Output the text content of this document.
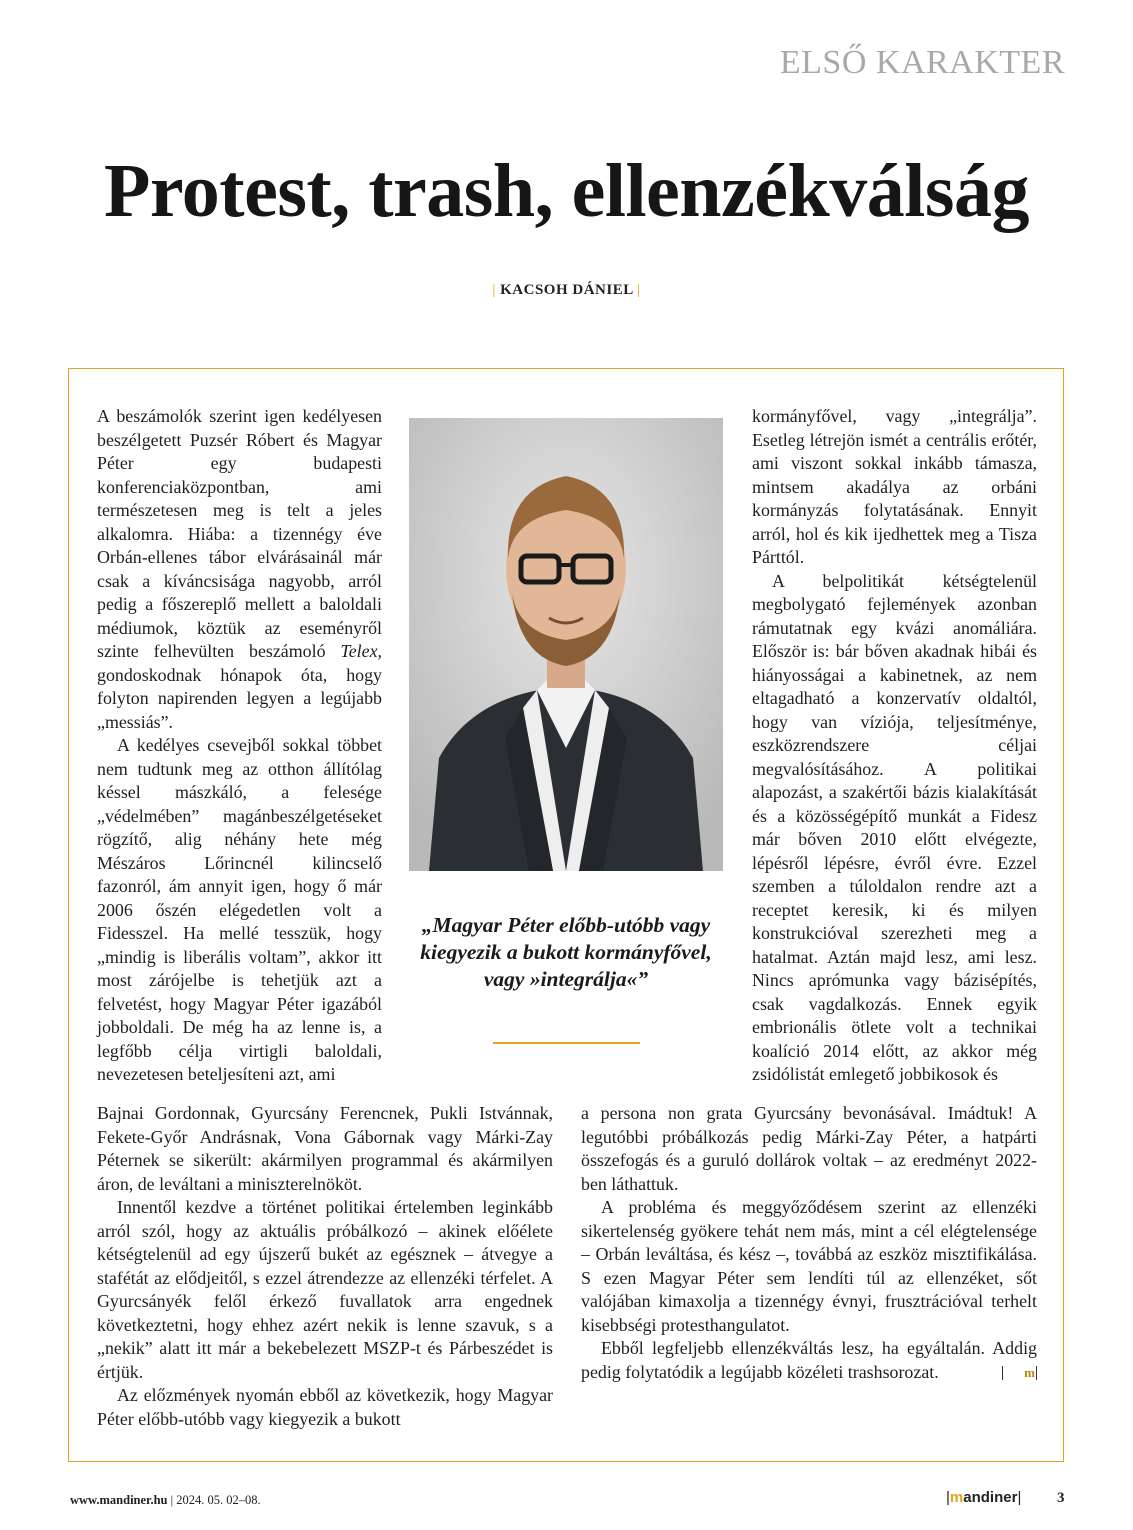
ELSŐ KARAKTER
Protest, trash, ellenzékválság
| KACSOH DÁNIEL |

A beszámolók szerint igen kedélyesen beszélgetett Puzsér Róbert és Magyar Péter egy budapesti konferenciaközpontban, ami természetesen meg is telt a jeles alkalomra. Hiába: a tizennégy éve Orbán-ellenes tábor elvárásainál már csak a kíváncsisága nagyobb, arról pedig a főszereplő mellett a baloldali médiumok, köztük az eseményről szinte felhevülten beszámoló Telex, gondoskodnak hónapok óta, hogy folyton napirenden legyen a legújabb „messiás”.

A kedélyes csevejből sokkal többet nem tudtunk meg az otthon állítólag késsel mászkáló, a felesége „védelmében” magánbeszélgetéseket rögzítő, alig néhány hete még Mészáros Lőrincnél kilincselő fazonról, ám annyit igen, hogy ő már 2006 őszén elégedetlen volt a Fidesszel. Ha mellé tesszük, hogy „mindig is liberális voltam”, akkor itt most zárójelbe is tehetjük azt a felvetést, hogy Magyar Péter igazából jobboldali. De még ha az lenne is, a legfőbb célja virtigli baloldali, nevezetesen beteljesíteni azt, ami

„Magyar Péter előbb-utóbb vagy kiegyezik a bukott kormányfővel, vagy »integrálja«”

kormányfővel, vagy „integrálja”. Esetleg létrejön ismét a centrális erőtér, ami viszont sokkal inkább támasza, mintsem akadálya az orbáni kormányzás folytatásának. Ennyit arról, hol és kik ijedhettek meg a Tisza Párttól.

A belpolitikát kétségtelenül megbolygató fejlemények azonban rámutatnak egy kvázi anomáliára. Először is: bár bőven akadnak hibái és hiányosságai a kabinetnek, az nem eltagadható a konzervatív oldaltól, hogy van víziója, teljesítménye, eszközrendszere céljai megvalósításához. A politikai alapozást, a szakértői bázis kialakítását és a közösségépítő munkát a Fidesz már bőven 2010 előtt elvégezte, lépésről lépésre, évről évre. Ezzel szemben a túloldalon rendre azt a receptet keresik, ki és milyen konstrukcióval szerezheti meg a hatalmat. Aztán majd lesz, ami lesz. Nincs aprómunka vagy bázisépítés, csak vagdalkozás. Ennek egyik embrionális ötlete volt a technikai koalíció 2014 előtt, az akkor még zsidólistát emlegető jobbikosok és

Bajnai Gordonnak, Gyurcsány Ferencnek, Pukli Istvánnak, Fekete-Győr Andrásnak, Vona Gábornak vagy Márki-Zay Péternek se sikerült: akármilyen programmal és akármilyen áron, de leváltani a miniszterelnököt.

Innentől kezdve a történet politikai értelemben leginkább arról szól, hogy az aktuális próbálkozó – akinek előélete kétségtelenül ad egy újszerű bukét az egésznek – átvegye a stafétát az elődjeitől, s ezzel átrendezze az ellenzéki térfelet. A Gyurcsányék felől érkező fuvallatok arra engednek következtetni, hogy ehhez azért nekik is lenne szavuk, s a „nekik” alatt itt már a bekebelezett MSZP-t és Párbeszédet is értjük.

Az előzmények nyomán ebből az következik, hogy Magyar Péter előbb-utóbb vagy kiegyezik a bukott

a persona non grata Gyurcsány bevonásával. Imádtuk! A legutóbbi próbálkozás pedig Márki-Zay Péter, a hatpárti összefogás és a guruló dollárok voltak – az eredményt 2022-ben láthattuk.

A probléma és meggyőződésem szerint az ellenzéki sikertelenség gyökere tehát nem más, mint a cél elégtelensége – Orbán leváltása, és kész –, továbbá az eszköz misztifikálása. S ezen Magyar Péter sem lendíti túl az ellenzéket, sőt valójában kimaxolja a tizennégy évnyi, frusztrációval terhelt kisebbségi protesthangulatot.

Ebből legfeljebb ellenzékváltás lesz, ha egyáltalán. Addig pedig folytatódik a legújabb közéleti trashsorozat.	m

www.mandiner.hu | 2024. 05. 02–08.	|mandiner| 3
